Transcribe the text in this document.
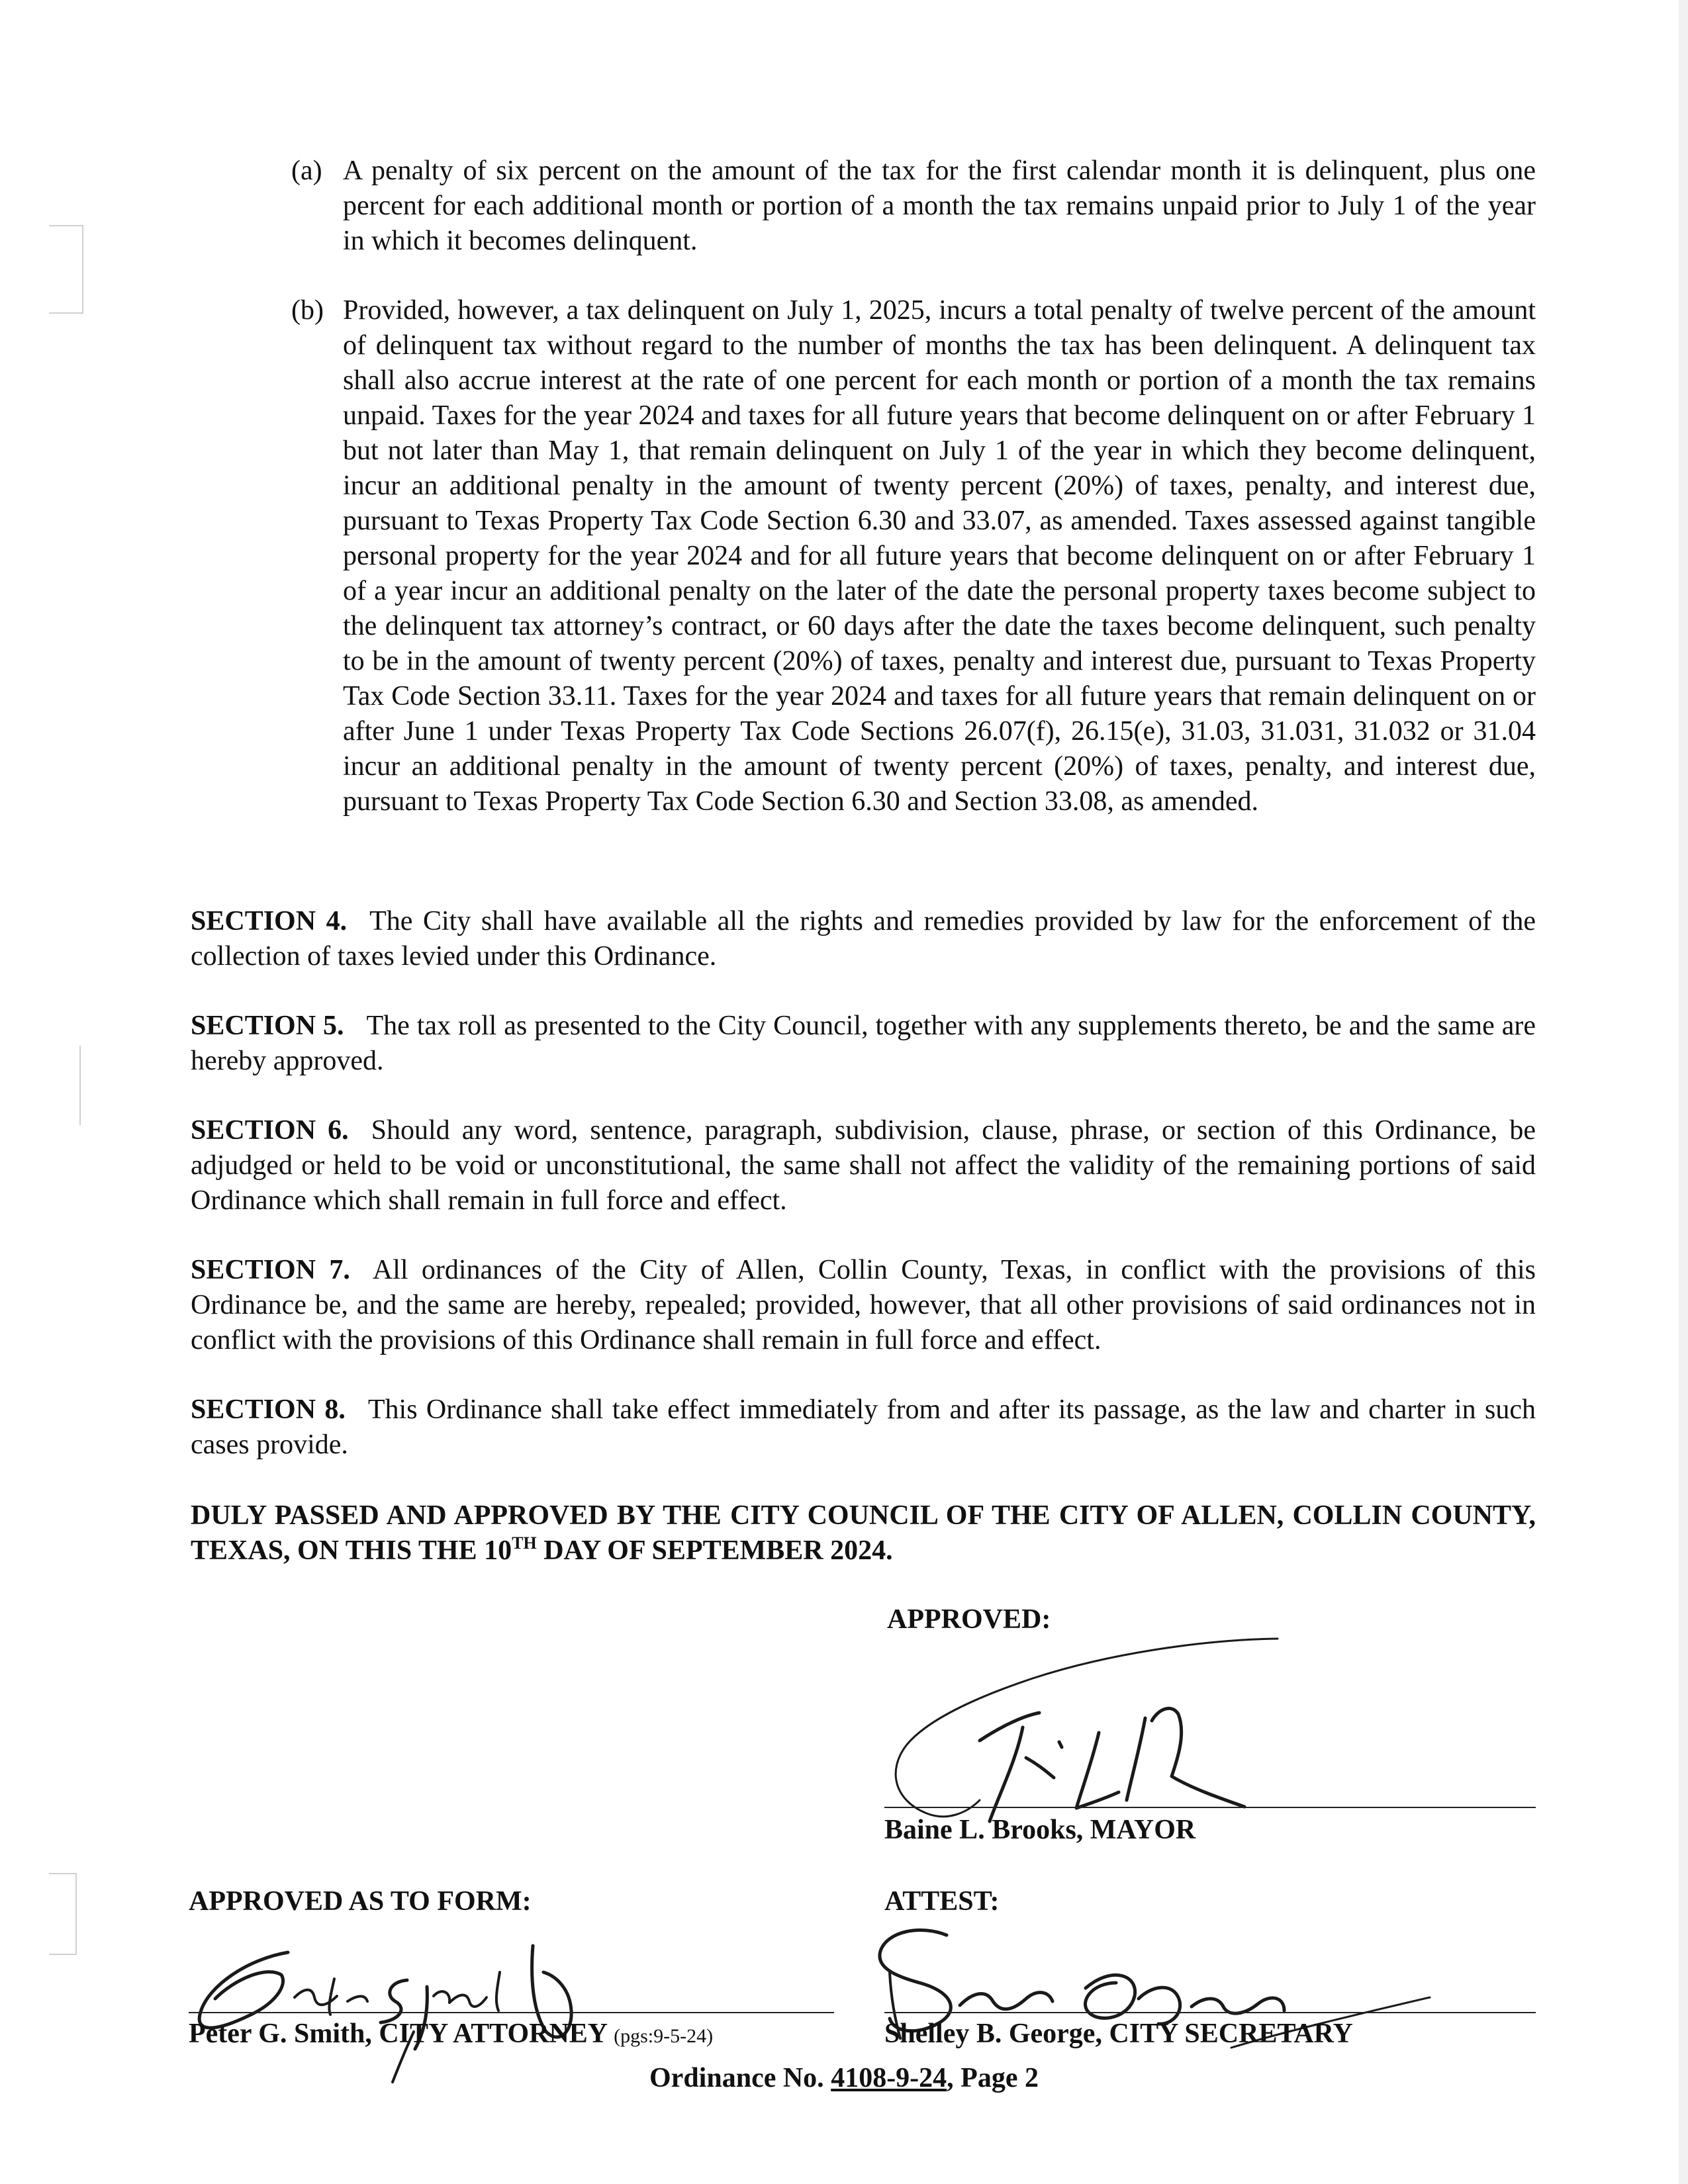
(a) A penalty of six percent on the amount of the tax for the first calendar month it is delinquent, plus one percent for each additional month or portion of a month the tax remains unpaid prior to July 1 of the year in which it becomes delinquent.
(b) Provided, however, a tax delinquent on July 1, 2025, incurs a total penalty of twelve percent of the amount of delinquent tax without regard to the number of months the tax has been delinquent. A delinquent tax shall also accrue interest at the rate of one percent for each month or portion of a month the tax remains unpaid. Taxes for the year 2024 and taxes for all future years that become delinquent on or after February 1 but not later than May 1, that remain delinquent on July 1 of the year in which they become delinquent, incur an additional penalty in the amount of twenty percent (20%) of taxes, penalty, and interest due, pursuant to Texas Property Tax Code Section 6.30 and 33.07, as amended. Taxes assessed against tangible personal property for the year 2024 and for all future years that become delinquent on or after February 1 of a year incur an additional penalty on the later of the date the personal property taxes become subject to the delinquent tax attorney’s contract, or 60 days after the date the taxes become delinquent, such penalty to be in the amount of twenty percent (20%) of taxes, penalty and interest due, pursuant to Texas Property Tax Code Section 33.11. Taxes for the year 2024 and taxes for all future years that remain delinquent on or after June 1 under Texas Property Tax Code Sections 26.07(f), 26.15(e), 31.03, 31.031, 31.032 or 31.04 incur an additional penalty in the amount of twenty percent (20%) of taxes, penalty, and interest due, pursuant to Texas Property Tax Code Section 6.30 and Section 33.08, as amended.
SECTION 4. The City shall have available all the rights and remedies provided by law for the enforcement of the collection of taxes levied under this Ordinance.
SECTION 5. The tax roll as presented to the City Council, together with any supplements thereto, be and the same are hereby approved.
SECTION 6. Should any word, sentence, paragraph, subdivision, clause, phrase, or section of this Ordinance, be adjudged or held to be void or unconstitutional, the same shall not affect the validity of the remaining portions of said Ordinance which shall remain in full force and effect.
SECTION 7. All ordinances of the City of Allen, Collin County, Texas, in conflict with the provisions of this Ordinance be, and the same are hereby, repealed; provided, however, that all other provisions of said ordinances not in conflict with the provisions of this Ordinance shall remain in full force and effect.
SECTION 8. This Ordinance shall take effect immediately from and after its passage, as the law and charter in such cases provide.
DULY PASSED AND APPROVED BY THE CITY COUNCIL OF THE CITY OF ALLEN, COLLIN COUNTY, TEXAS, ON THIS THE 10TH DAY OF SEPTEMBER 2024.
APPROVED:
Baine L. Brooks, MAYOR
APPROVED AS TO FORM:	ATTEST:
Peter G. Smith, CITY ATTORNEY (pgs:9-5-24)	Shelley B. George, CITY SECRETARY
Ordinance No. 4108-9-24, Page 2
